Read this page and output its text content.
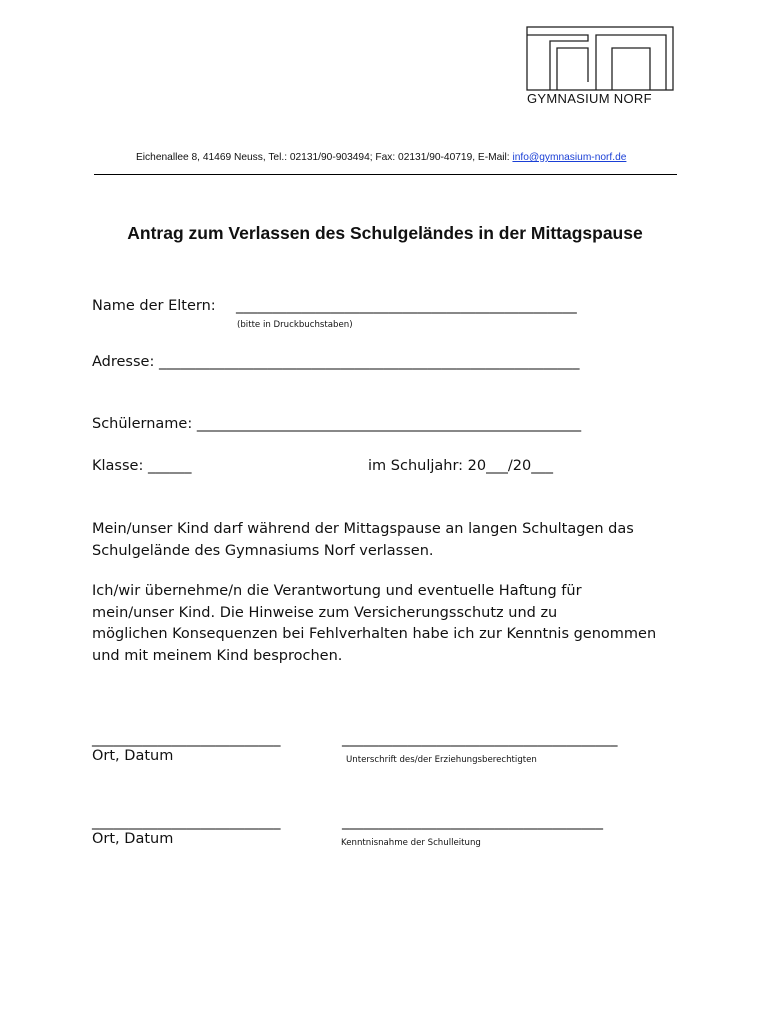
GYMNASIUM NORF
Eichenallee 8, 41469 Neuss, Tel.: 02131/90-903494; Fax: 02131/90-40719, E-Mail: info@gymnasium-norf.de
Antrag zum Verlassen des Schulgeländes in der Mittagspause
Name der Eltern: _______________________________________________
(bitte in Druckbuchstaben)
Adresse: __________________________________________________________
Schülername: _____________________________________________________
Klasse: ______	im Schuljahr: 20___/20___
Mein/unser Kind darf während der Mittagspause an langen Schultagen das
Schulgelände des Gymnasiums Norf verlassen.
Ich/wir übernehme/n die Verantwortung und eventuelle Haftung für
mein/unser Kind. Die Hinweise zum Versicherungsschutz und zu
möglichen Konsequenzen bei Fehlverhalten habe ich zur Kenntnis genommen
und mit meinem Kind besprochen.
__________________________	______________________________________
Ort, Datum	Unterschrift des/der Erziehungsberechtigten
__________________________	____________________________________
Ort, Datum	Kenntnisnahme der Schulleitung
